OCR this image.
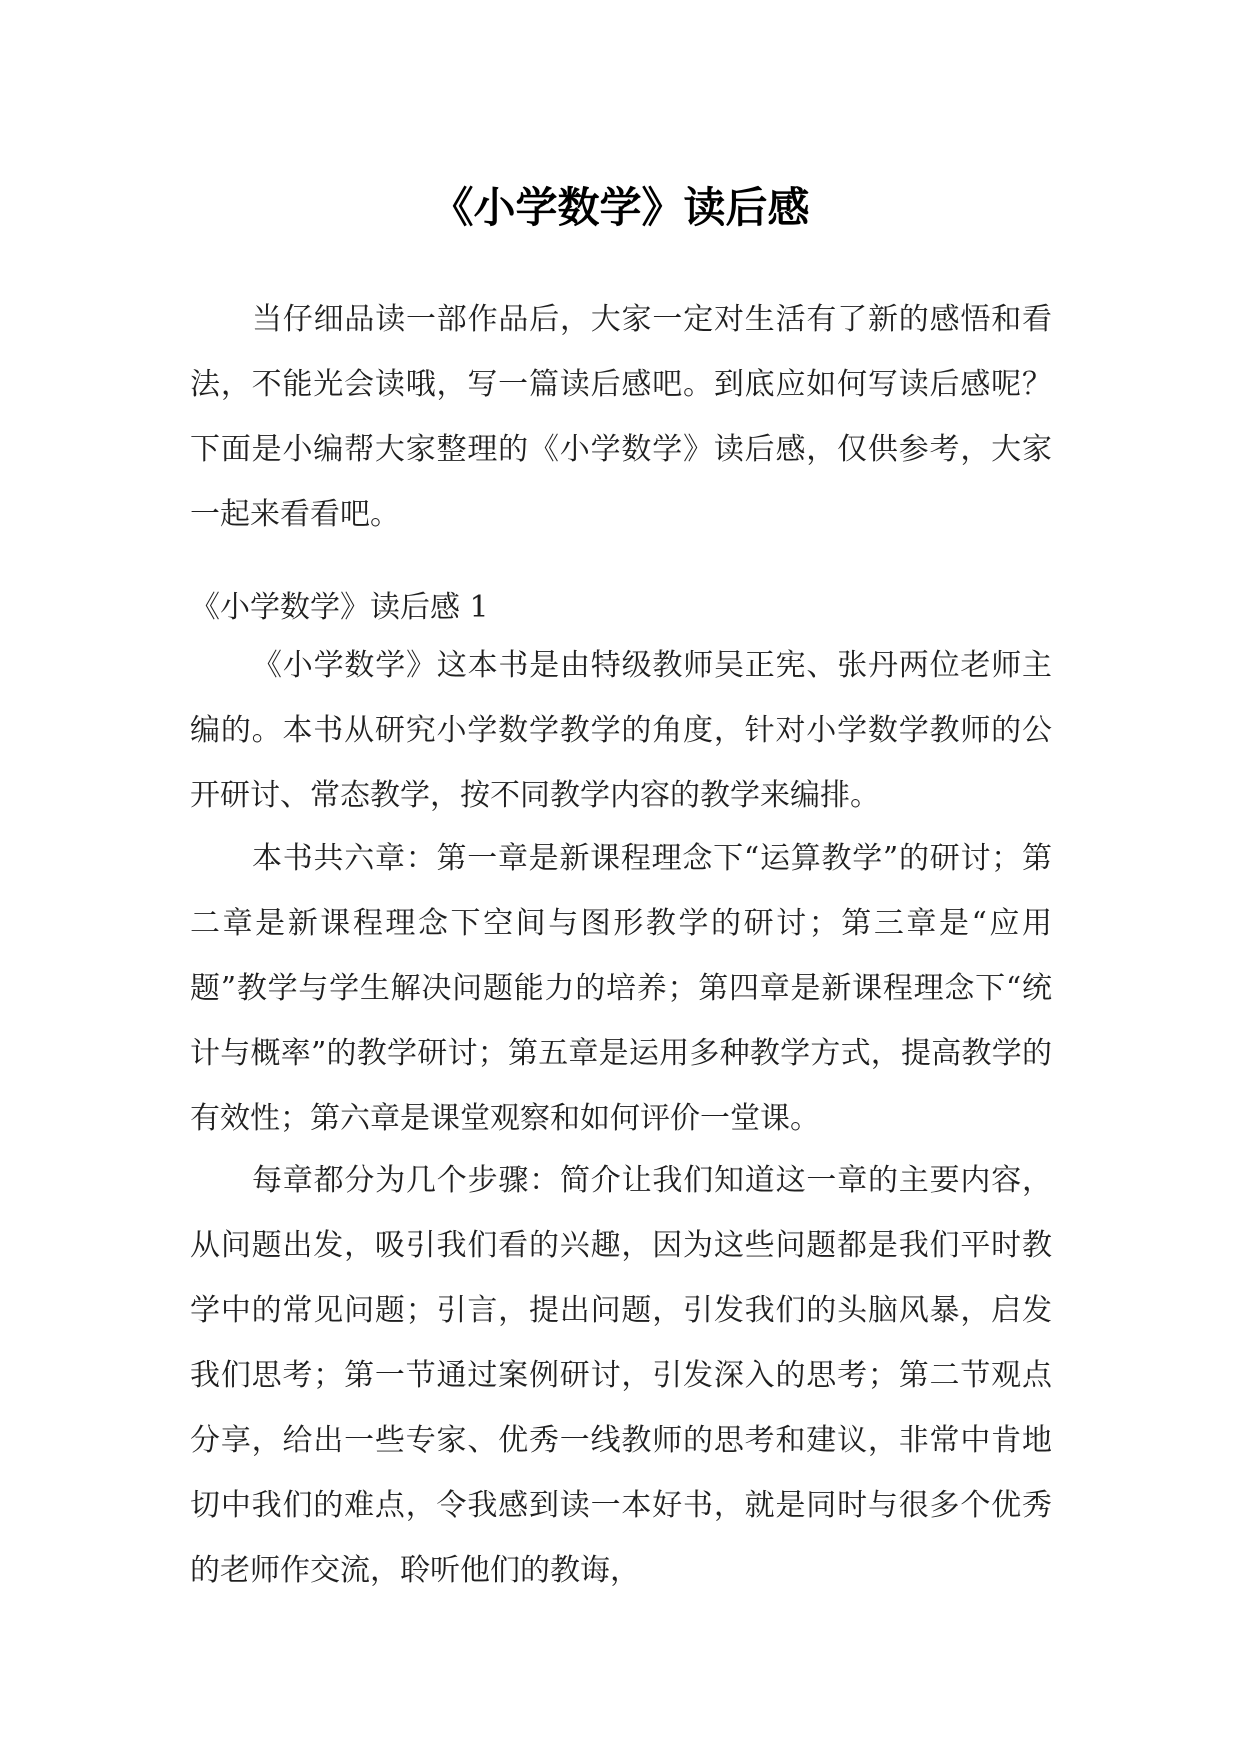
《小学数学》读后感

当仔细品读一部作品后，大家一定对生活有了新的感悟和看法，不能光会读哦，写一篇读后感吧。到底应如何写读后感呢？下面是小编帮大家整理的《小学数学》读后感，仅供参考，大家一起来看看吧。

《小学数学》读后感 1

《小学数学》这本书是由特级教师吴正宪、张丹两位老师主编的。本书从研究小学数学教学的角度，针对小学数学教师的公开研讨、常态教学，按不同教学内容的教学来编排。

本书共六章：第一章是新课程理念下“运算教学”的研讨；第二章是新课程理念下空间与图形教学的研讨；第三章是“应用题”教学与学生解决问题能力的培养；第四章是新课程理念下“统计与概率”的教学研讨；第五章是运用多种教学方式，提高教学的有效性；第六章是课堂观察和如何评价一堂课。

每章都分为几个步骤：简介让我们知道这一章的主要内容，从问题出发，吸引我们看的兴趣，因为这些问题都是我们平时教学中的常见问题；引言，提出问题，引发我们的头脑风暴，启发我们思考；第一节通过案例研讨，引发深入的思考；第二节观点分享，给出一些专家、优秀一线教师的思考和建议，非常中肯地切中我们的难点，令我感到读一本好书，就是同时与很多个优秀的老师作交流，聆听他们的教诲，
